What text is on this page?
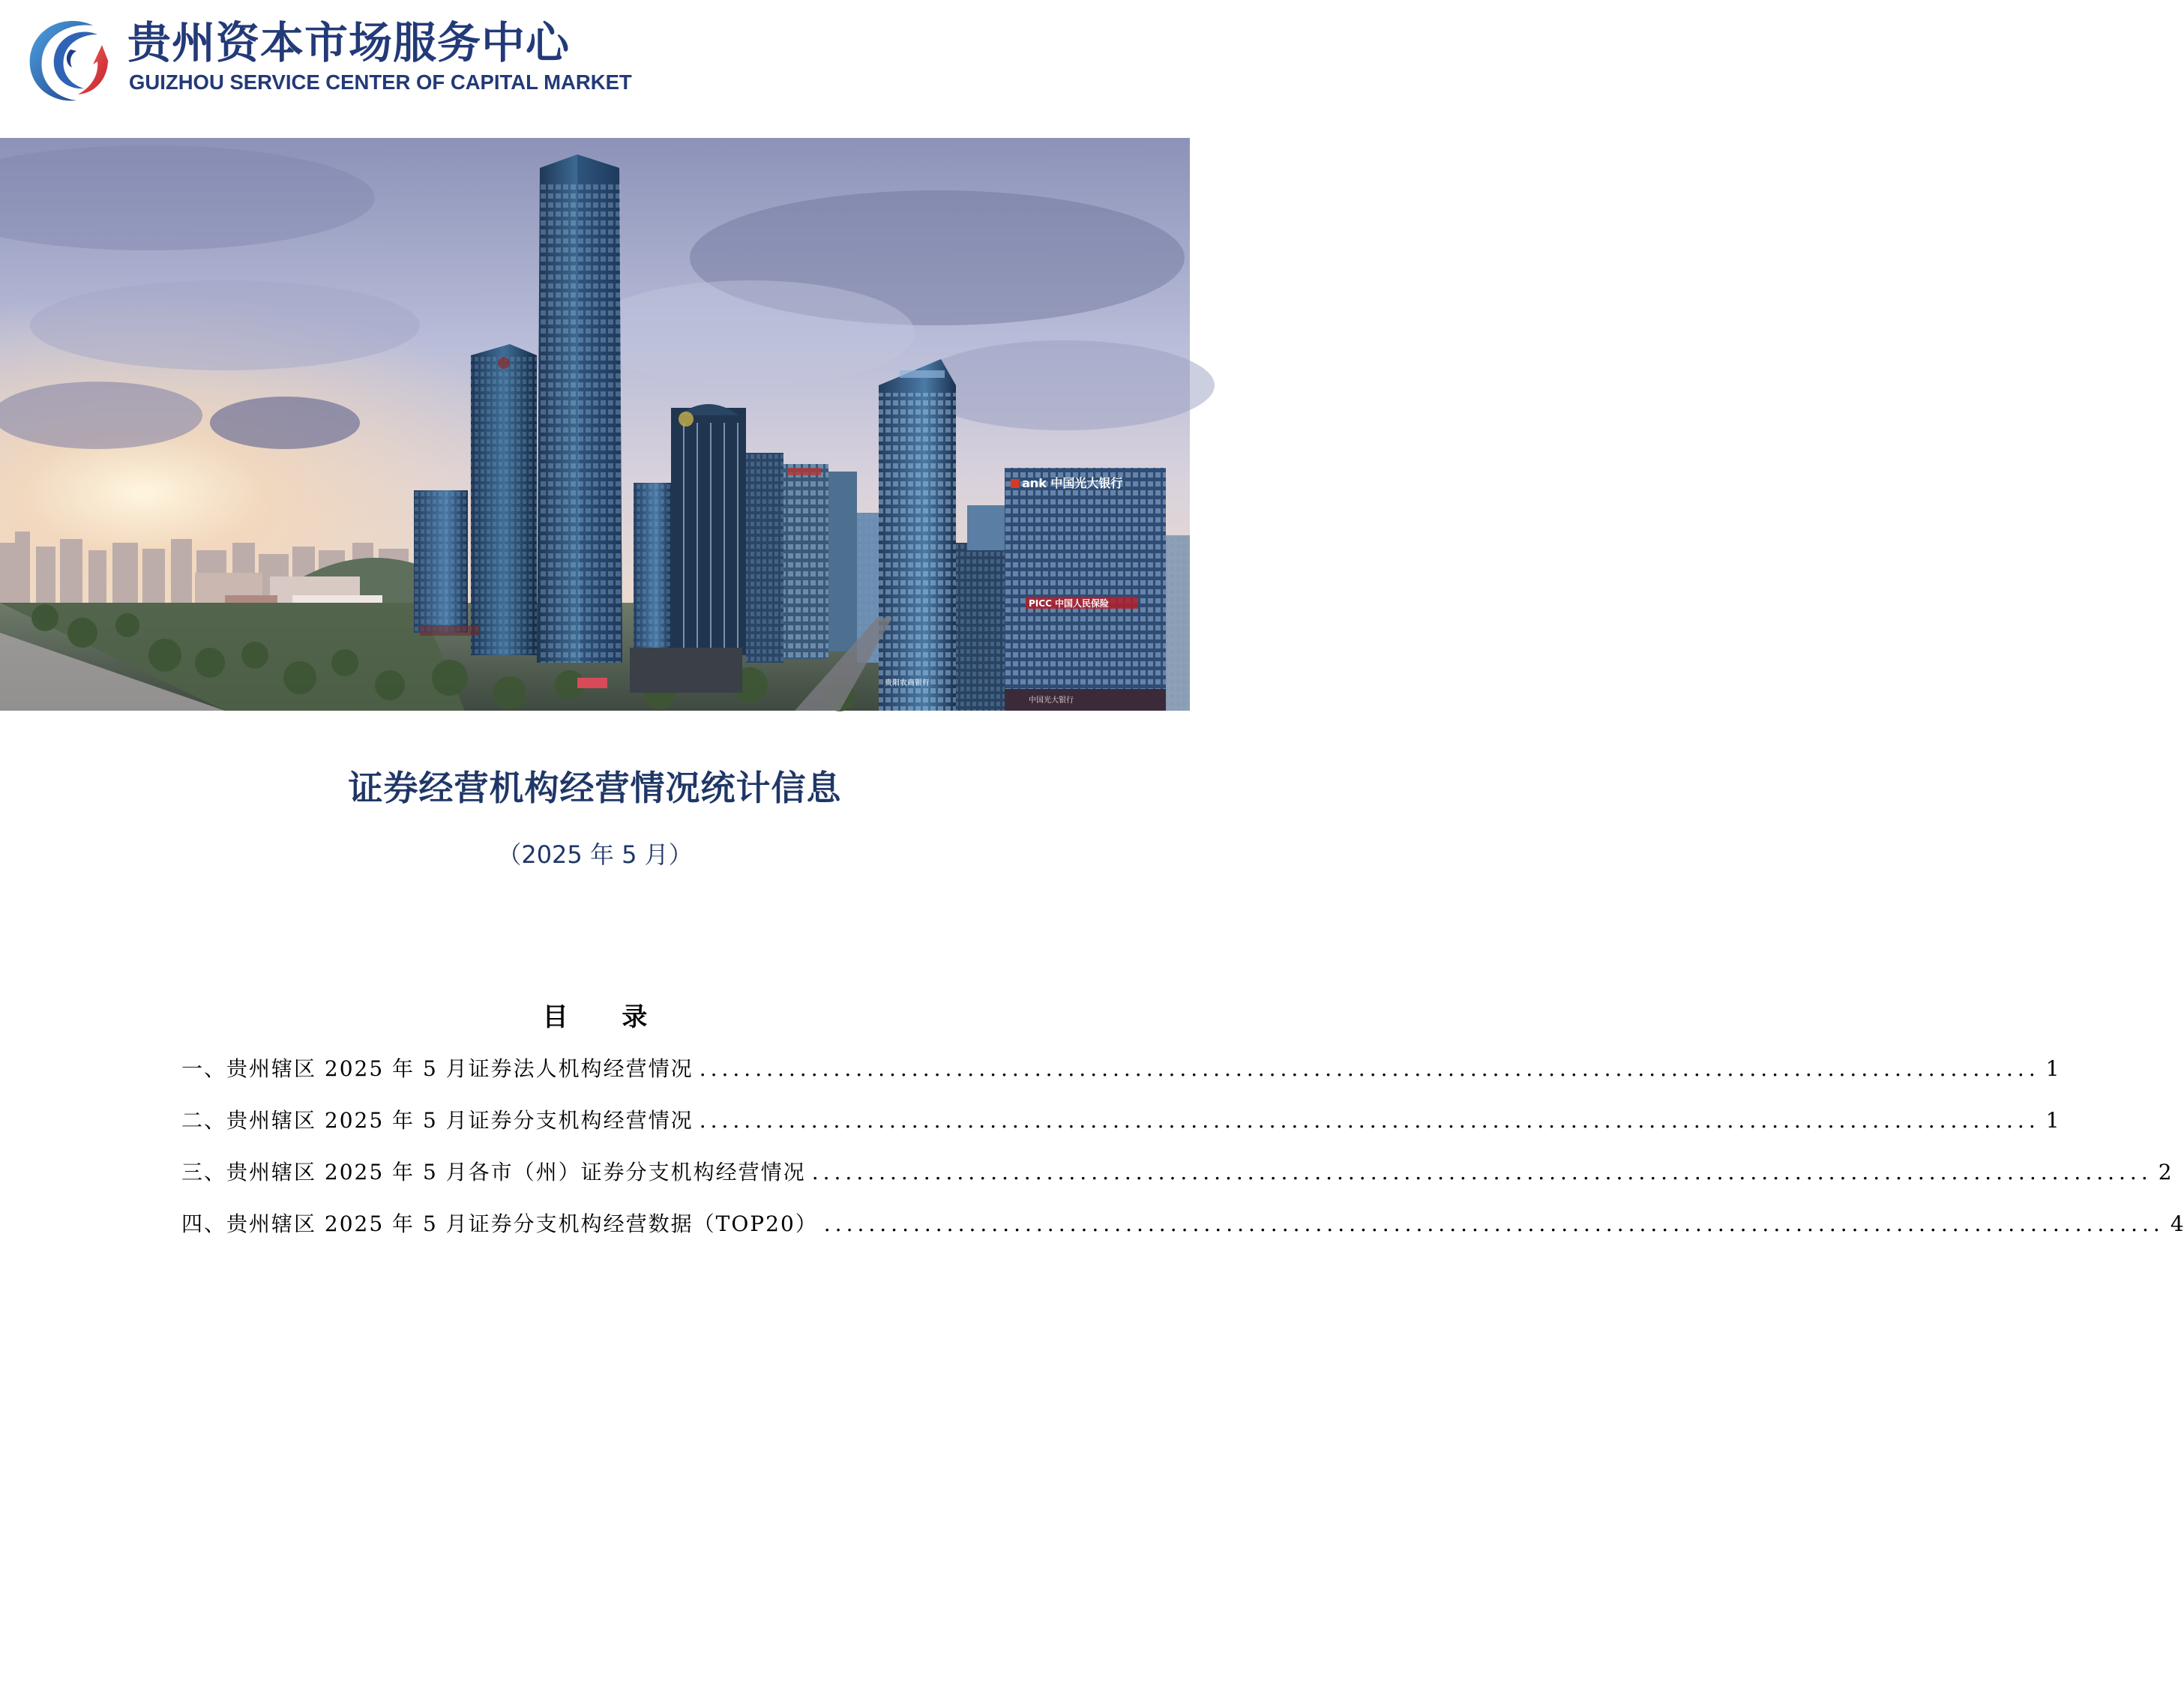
贵州资本市场服务中心
GUIZHOU SERVICE CENTER OF CAPITAL MARKET
ank 中国光大银行
PICC 中国人民保险
中国光大银行
贵阳农商银行
证券经营机构经营情况统计信息
（2025 年 5 月）
目 录
一、贵州辖区 2025 年 5 月证券法人机构经营情况 ........................................................................................................................ 1
二、贵州辖区 2025 年 5 月证券分支机构经营情况 ........................................................................................................................ 1
三、贵州辖区 2025 年 5 月各市（州）证券分支机构经营情况 ........................................................................................................................ 2
四、贵州辖区 2025 年 5 月证券分支机构经营数据（TOP20） ........................................................................................................................ 4
